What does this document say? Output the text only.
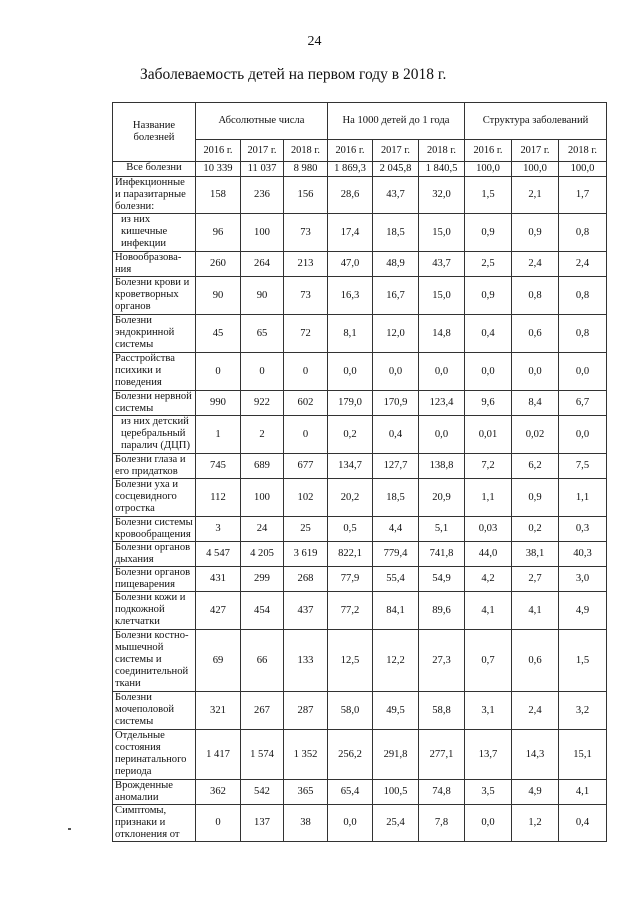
24
Заболеваемость детей на первом году в 2018 г.
Название болезней	Абсолютные числа			На 1000 детей до 1 года			Структура заболеваний		
	2016 г.	2017 г.	2018 г.	2016 г.	2017 г.	2018 г.	2016 г.	2017 г.	2018 г.
Все болезни	10 339	11 037	8 980	1 869,3	2 045,8	1 840,5	100,0	100,0	100,0
Инфекционные и паразитарные болезни:	158	236	156	28,6	43,7	32,0	1,5	2,1	1,7
из них кишечные инфекции	96	100	73	17,4	18,5	15,0	0,9	0,9	0,8
Новообразова-ния	260	264	213	47,0	48,9	43,7	2,5	2,4	2,4
Болезни крови и кроветворных органов	90	90	73	16,3	16,7	15,0	0,9	0,8	0,8
Болезни эндокринной системы	45	65	72	8,1	12,0	14,8	0,4	0,6	0,8
Расстройства психики и поведения	0	0	0	0,0	0,0	0,0	0,0	0,0	0,0
Болезни нервной системы	990	922	602	179,0	170,9	123,4	9,6	8,4	6,7
из них детский церебральный паралич (ДЦП)	1	2	0	0,2	0,4	0,0	0,01	0,02	0,0
Болезни глаза и его придатков	745	689	677	134,7	127,7	138,8	7,2	6,2	7,5
Болезни уха и сосцевидного отростка	112	100	102	20,2	18,5	20,9	1,1	0,9	1,1
Болезни системы кровообращения	3	24	25	0,5	4,4	5,1	0,03	0,2	0,3
Болезни органов дыхания	4 547	4 205	3 619	822,1	779,4	741,8	44,0	38,1	40,3
Болезни органов пищеварения	431	299	268	77,9	55,4	54,9	4,2	2,7	3,0
Болезни кожи и подкожной клетчатки	427	454	437	77,2	84,1	89,6	4,1	4,1	4,9
Болезни костно-мышечной системы и соединительной ткани	69	66	133	12,5	12,2	27,3	0,7	0,6	1,5
Болезни мочеполовой системы	321	267	287	58,0	49,5	58,8	3,1	2,4	3,2
Отдельные состояния перинатального периода	1 417	1 574	1 352	256,2	291,8	277,1	13,7	14,3	15,1
Врожденные аномалии	362	542	365	65,4	100,5	74,8	3,5	4,9	4,1
Симптомы, признаки и отклонения от	0	137	38	0,0	25,4	7,8	0,0	1,2	0,4
